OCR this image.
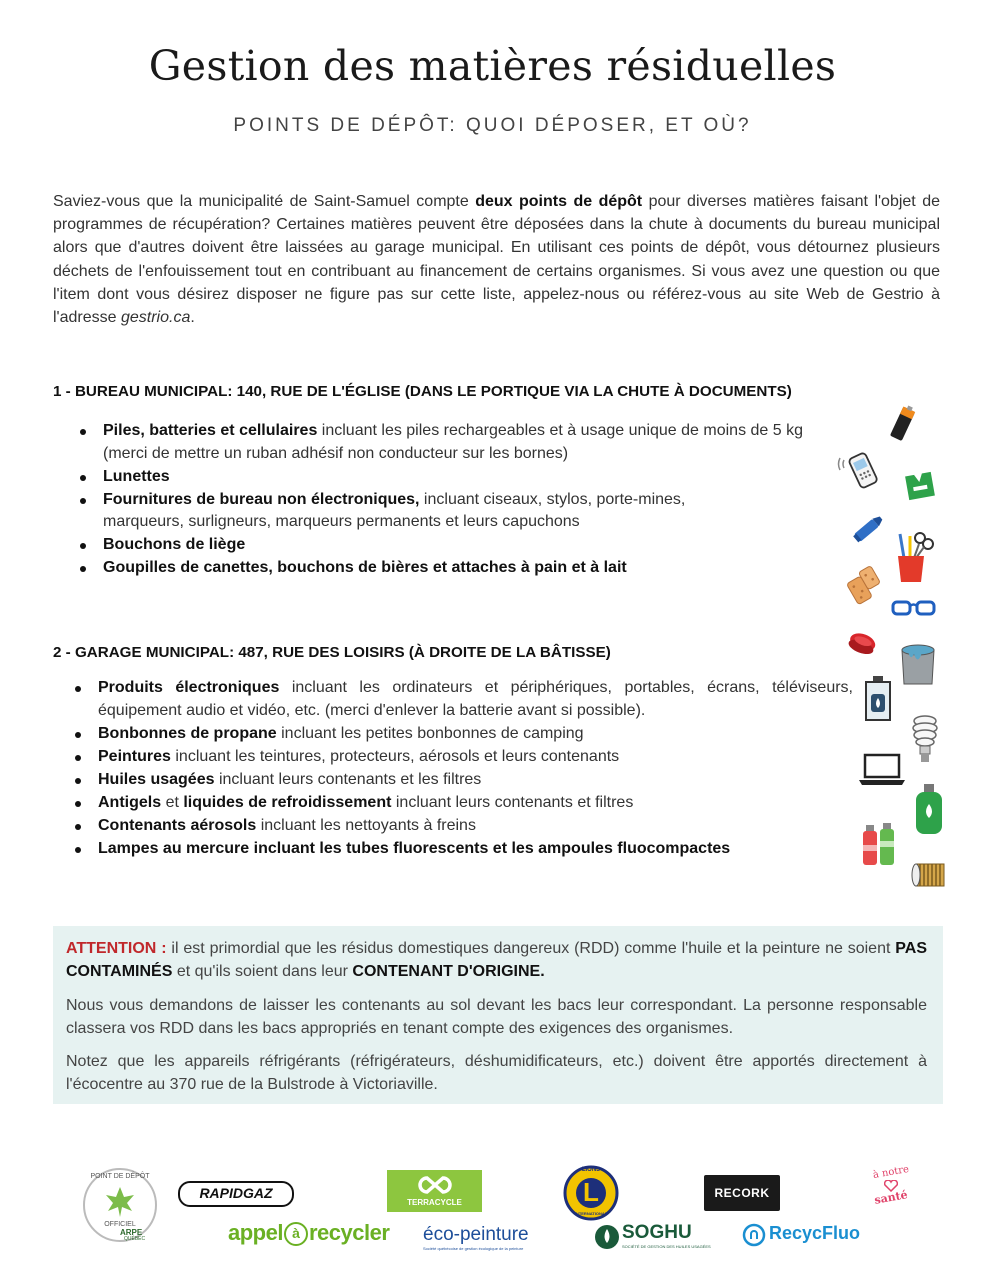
Gestion des matières résiduelles
POINTS DE DÉPÔT: QUOI DÉPOSER, ET OÙ?
Saviez-vous que la municipalité de Saint-Samuel compte deux points de dépôt pour diverses matières faisant l'objet de programmes de récupération? Certaines matières peuvent être déposées dans la chute à documents du bureau municipal alors que d'autres doivent être laissées au garage municipal. En utilisant ces points de dépôt, vous détournez plusieurs déchets de l'enfouissement tout en contribuant au financement de certains organismes. Si vous avez une question ou que l'item dont vous désirez disposer ne figure pas sur cette liste, appelez-nous ou référez-vous au site Web de Gestrio à l'adresse gestrio.ca.
1 - BUREAU MUNICIPAL: 140, RUE DE L'ÉGLISE (DANS LE PORTIQUE VIA LA CHUTE À DOCUMENTS)
Piles, batteries et cellulaires incluant les piles rechargeables et à usage unique de moins de 5 kg
(merci de mettre un ruban adhésif non conducteur sur les bornes)
Lunettes
Fournitures de bureau non électroniques, incluant ciseaux, stylos, porte-mines,
marqueurs, surligneurs, marqueurs permanents et leurs capuchons
Bouchons de liège
Goupilles de canettes, bouchons de bières et attaches à pain et à lait
2 - GARAGE MUNICIPAL: 487, RUE DES LOISIRS (À DROITE DE LA BÂTISSE)
Produits électroniques incluant les ordinateurs et périphériques, portables, écrans, téléviseurs, équipement audio et vidéo, etc. (merci d'enlever la batterie avant si possible).
Bonbonnes de propane incluant les petites bonbonnes de camping
Peintures incluant les teintures, protecteurs, aérosols et leurs contenants
Huiles usagées incluant leurs contenants et les filtres
Antigels et liquides de refroidissement incluant leurs contenants et filtres
Contenants aérosols incluant les nettoyants à freins
Lampes au mercure incluant les tubes fluorescents et les ampoules fluocompactes

ATTENTION : il est primordial que les résidus domestiques dangereux (RDD) comme l'huile et la peinture ne soient PAS CONTAMINÉS et qu'ils soient dans leur CONTENANT D'ORIGINE.

Nous vous demandons de laisser les contenants au sol devant les bacs leur correspondant. La personne responsable classera vos RDD dans les bacs appropriés en tenant compte des exigences des organismes.

Notez que les appareils réfrigérants (réfrigérateurs, déshumidificateurs, etc.) doivent être apportés directement à l'écocentre au 370 rue de la Bulstrode à Victoriaville.

POINT DE DÉPÔT
OFFICIEL
ARPE
QUÉBEC
RAPIDGAZ
TERRACYCLE	L
LIONS
INTERNATIONAL
RECORK
à notre
santé
appel à recycler éco-peinture
Société québécoise de gestion écologique de la peinture
SOGHU
SOCIÉTÉ DE GESTION DES HUILES USAGÉES
RecycFluo
